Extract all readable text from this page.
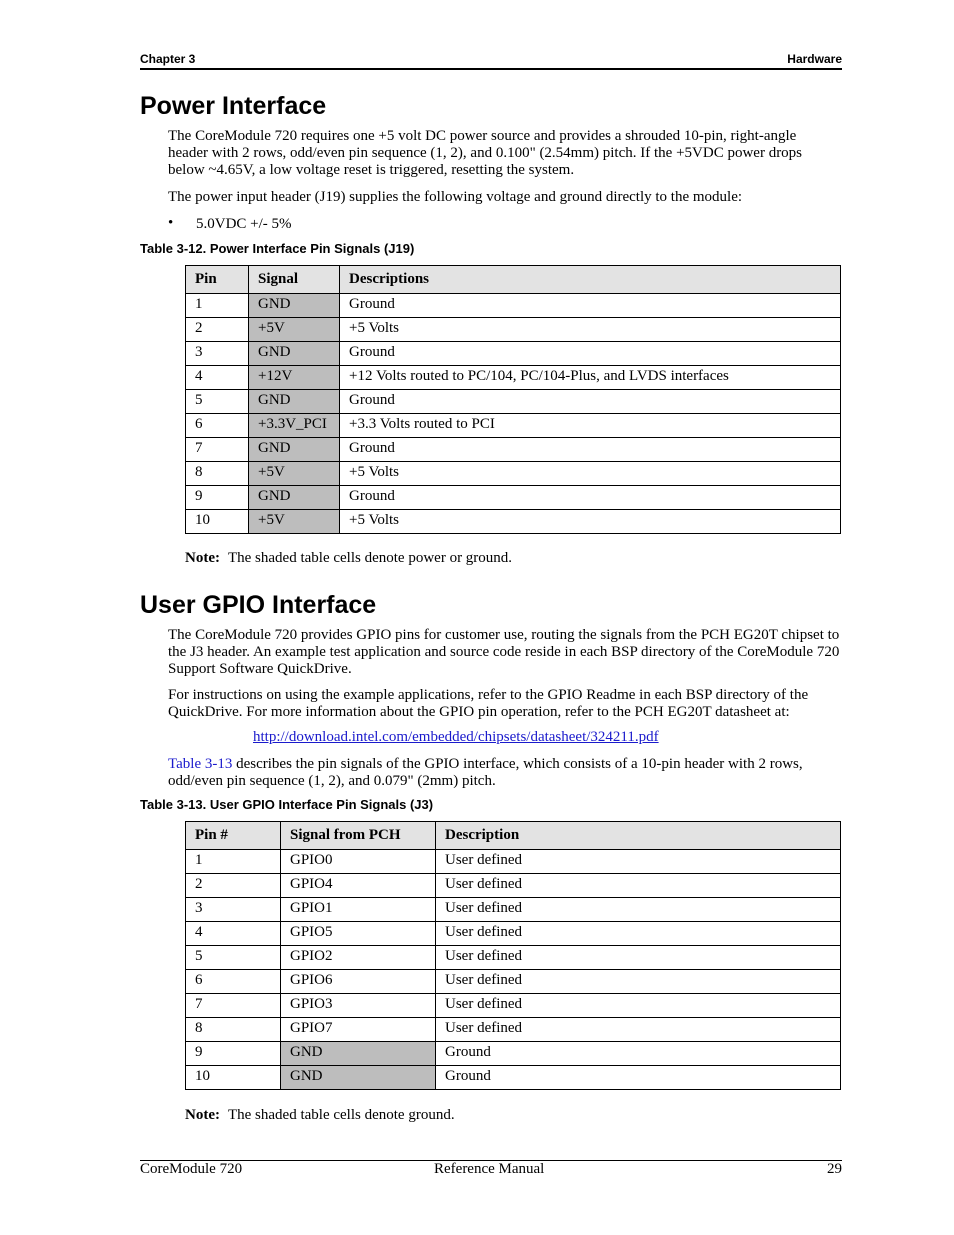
Chapter 3	Hardware
Power Interface

The CoreModule 720 requires one +5 volt DC power source and provides a shrouded 10-pin, right-angle header with 2 rows, odd/even pin sequence (1, 2), and 0.100" (2.54mm) pitch. If the +5VDC power drops below ~4.65V, a low voltage reset is triggered, resetting the system.

The power input header (J19) supplies the following voltage and ground directly to the module:

• 5.0VDC +/- 5%

Table 3-12. Power Interface Pin Signals (J19)

Pin	Signal	Descriptions
1	GND	Ground
2	+5V	+5 Volts
3	GND	Ground
4	+12V	+12 Volts routed to PC/104, PC/104-Plus, and LVDS interfaces
5	GND	Ground
6	+3.3V_PCI	+3.3 Volts routed to PCI
7	GND	Ground
8	+5V	+5 Volts
9	GND	Ground
10	+5V	+5 Volts
Note: The shaded table cells denote power or ground.
User GPIO Interface

The CoreModule 720 provides GPIO pins for customer use, routing the signals from the PCH EG20T chipset to the J3 header. An example test application and source code reside in each BSP directory of the CoreModule 720 Support Software QuickDrive.

For instructions on using the example applications, refer to the GPIO Readme in each BSP directory of the QuickDrive. For more information about the GPIO pin operation, refer to the PCH EG20T datasheet at:

http://download.intel.com/embedded/chipsets/datasheet/324211.pdf

Table 3-13 describes the pin signals of the GPIO interface, which consists of a 10-pin header with 2 rows, odd/even pin sequence (1, 2), and 0.079" (2mm) pitch.

Table 3-13. User GPIO Interface Pin Signals (J3)

Pin #	Signal from PCH	Description
1	GPIO0	User defined
2	GPIO4	User defined
3	GPIO1	User defined
4	GPIO5	User defined
5	GPIO2	User defined
6	GPIO6	User defined
7	GPIO3	User defined
8	GPIO7	User defined
9	GND	Ground
10	GND	Ground
Note: The shaded table cells denote ground.
CoreModule 720	Reference Manual	29
